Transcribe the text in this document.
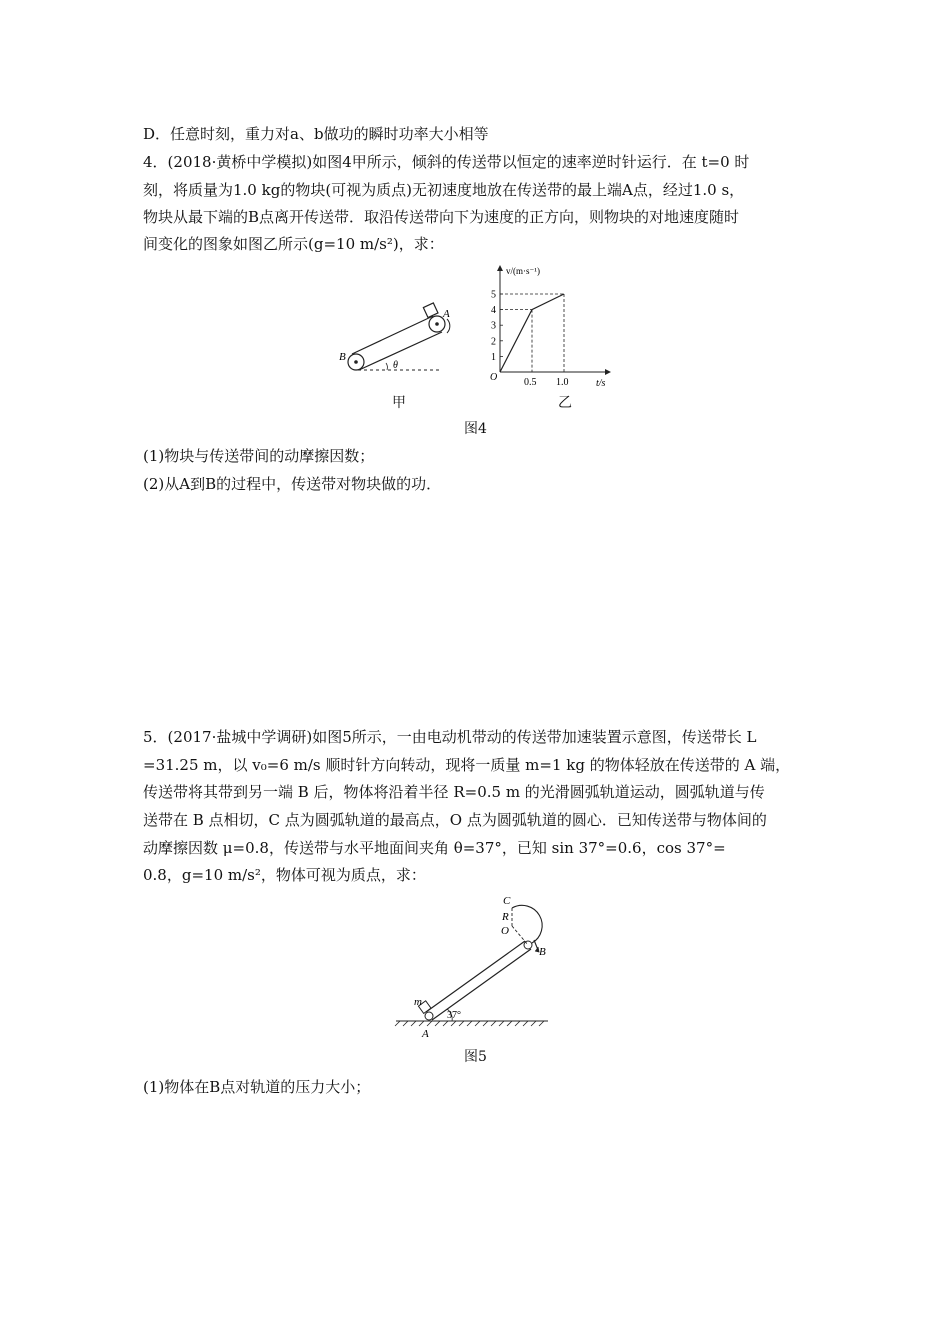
D．任意时刻，重力对a、b做功的瞬时功率大小相等
4．(2018·黄桥中学模拟)如图4甲所示，倾斜的传送带以恒定的速率逆时针运行．在 t=0 时
刻，将质量为1.0 kg的物块(可视为质点)无初速度地放在传送带的最上端A点，经过1.0 s，
物块从最下端的B点离开传送带．取沿传送带向下为速度的正方向，则物块的对地速度随时
间变化的图象如图乙所示(g=10 m/s²)，求：
A
B
θ
1
2
3
4
5
0.5 1.0
v/(m·s⁻¹)
t/s
O
甲	乙
图4
(1)物块与传送带间的动摩擦因数；
(2)从A到B的过程中，传送带对物块做的功．
5．(2017·盐城中学调研)如图5所示，一由电动机带动的传送带加速装置示意图，传送带长 L
=31.25 m，以 v₀=6 m/s 顺时针方向转动，现将一质量 m=1 kg 的物体轻放在传送带的 A 端，
传送带将其带到另一端 B 后，物体将沿着半径 R=0.5 m 的光滑圆弧轨道运动，圆弧轨道与传
送带在 B 点相切，C 点为圆弧轨道的最高点，O 点为圆弧轨道的圆心．已知传送带与物体间的
动摩擦因数 μ=0.8，传送带与水平地面间夹角 θ=37°，已知 sin 37°=0.6，cos 37°=
0.8，g=10 m/s²，物体可视为质点，求：
C
R
O
B
m
A
37°
图5
(1)物体在B点对轨道的压力大小；
